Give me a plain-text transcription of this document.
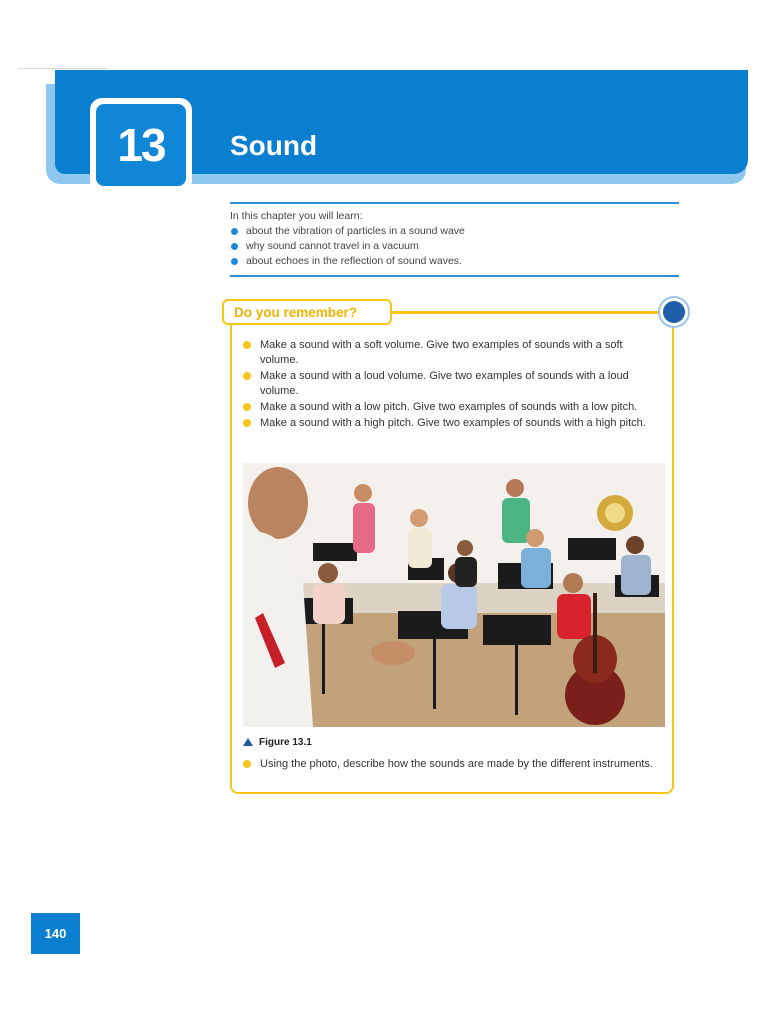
13	Sound
In this chapter you will learn:
about the vibration of particles in a sound wave
why sound cannot travel in a vacuum
about echoes in the reflection of sound waves.
Do you remember?
Make a sound with a soft volume. Give two examples of sounds with a soft volume.
Make a sound with a loud volume. Give two examples of sounds with a loud volume.
Make a sound with a low pitch. Give two examples of sounds with a low pitch.
Make a sound with a high pitch. Give two examples of sounds with a high pitch.
Figure 13.1
Using the photo, describe how the sounds are made by the different instruments.
140
